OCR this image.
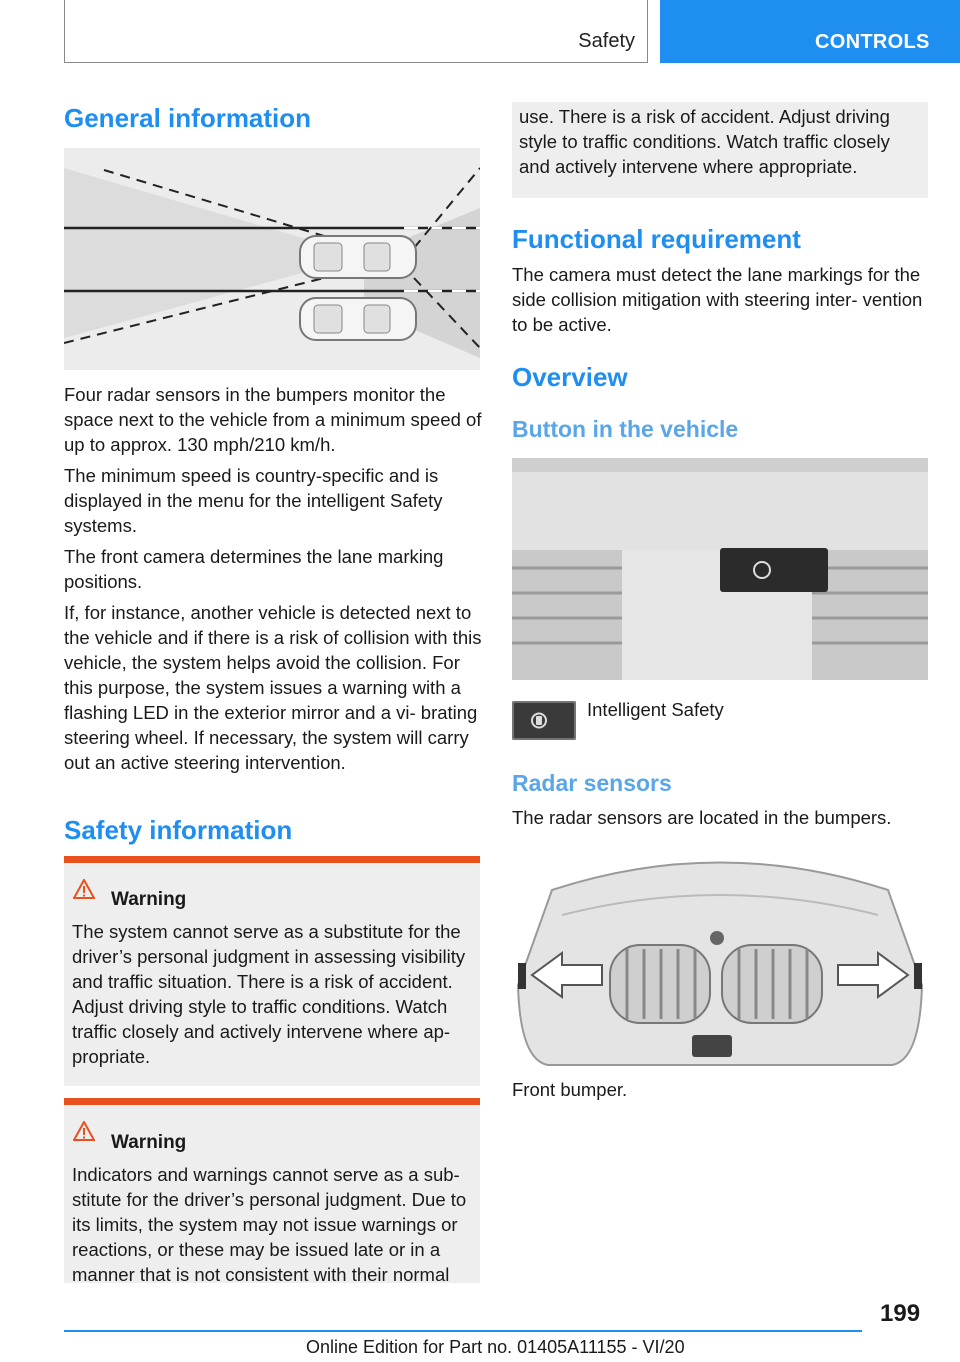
Safety	CONTROLS
General information

Four radar sensors in the bumpers monitor the space next to the vehicle from a minimum speed of up to approx. 130 mph/210 km/h.

The minimum speed is country-specific and is displayed in the menu for the intelligent Safety systems.

The front camera determines the lane marking positions.

If, for instance, another vehicle is detected next to the vehicle and if there is a risk of collision with this vehicle, the system helps avoid the collision. For this purpose, the system issues a warning with a flashing LED in the exterior mirror and a vi‐ brating steering wheel. If necessary, the system will carry out an active steering intervention.

Safety information
Warning
The system cannot serve as a substitute for the driver’s personal judgment in assessing visibility and traffic situation. There is a risk of accident. Adjust driving style to traffic conditions. Watch traffic closely and actively intervene where ap‐ propriate.
Warning
Indicators and warnings cannot serve as a sub‐ stitute for the driver’s personal judgment. Due to its limits, the system may not issue warnings or reactions, or these may be issued late or in a manner that is not consistent with their normal
use. There is a risk of accident. Adjust driving style to traffic conditions. Watch traffic closely and actively intervene where appropriate.
Functional requirement
The camera must detect the lane markings for the side collision mitigation with steering inter‐ vention to be active.
Overview
Button in the vehicle
Intelligent Safety
Radar sensors
The radar sensors are located in the bumpers.
Front bumper.
199
Online Edition for Part no. 01405A11155 - VI/20
